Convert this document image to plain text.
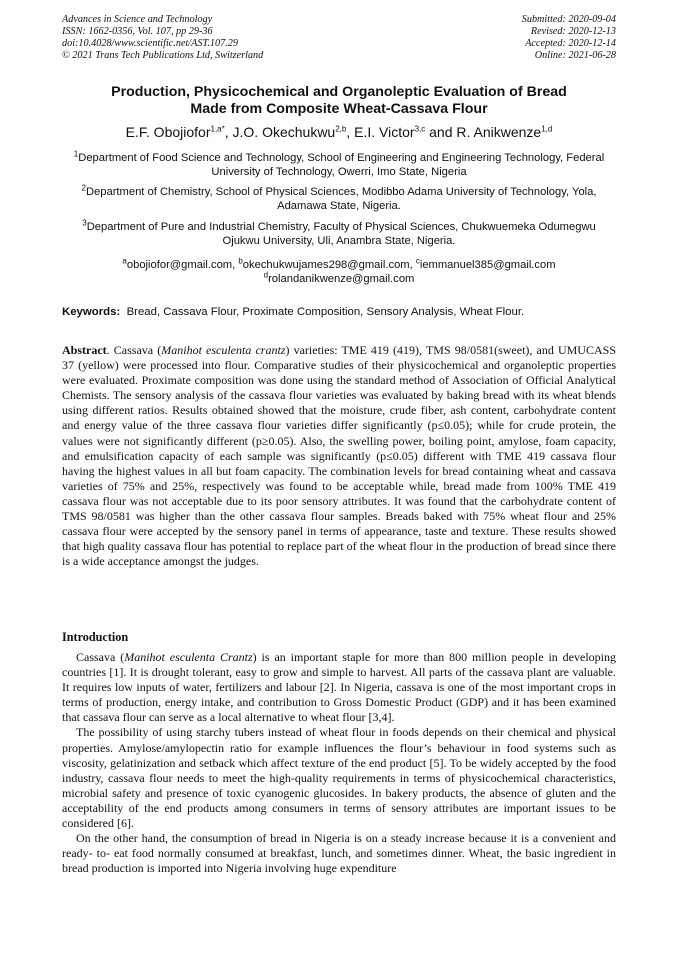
Advances in Science and Technology
ISSN: 1662-0356, Vol. 107, pp 29-36
doi:10.4028/www.scientific.net/AST.107.29
© 2021 Trans Tech Publications Ltd, Switzerland
Submitted: 2020-09-04
Revised: 2020-12-13
Accepted: 2020-12-14
Online: 2021-06-28
Production, Physicochemical and Organoleptic Evaluation of Bread
Made from Composite Wheat-Cassava Flour
E.F. Obojiofor$^{1,a*}$, J.O. Okechukwu$^{2,b}$, E.I. Victor$^{3,c}$ and R. Anikwenze$^{1,d}$
$^1$Department of Food Science and Technology, School of Engineering and Engineering Technology, Federal University of Technology, Owerri, Imo State, Nigeria
$^2$Department of Chemistry, School of Physical Sciences, Modibbo Adama University of Technology, Yola, Adamawa State, Nigeria.
$^3$Department of Pure and Industrial Chemistry, Faculty of Physical Sciences, Chukwuemeka Odumegwu Ojukwu University, Uli, Anambra State, Nigeria.
$^a$obojiofor@gmail.com, $^b$okechukwujames298@gmail.com, $^c$iemmanuel385@gmail.com
$^d$rolandanikwenze@gmail.com
Keywords: Bread, Cassava Flour, Proximate Composition, Sensory Analysis, Wheat Flour.
Abstract. Cassava (Manihot esculenta crantz) varieties: TME 419 (419), TMS 98/0581(sweet), and UMUCASS 37 (yellow) were processed into flour. Comparative studies of their physicochemical and organoleptic properties were evaluated. Proximate composition was done using the standard method of Association of Official Analytical Chemists. The sensory analysis of the cassava flour varieties was evaluated by baking bread with its wheat blends using different ratios. Results obtained showed that the moisture, crude fiber, ash content, carbohydrate content and energy value of the three cassava flour varieties differ significantly (p≤0.05); while for crude protein, the values were not significantly different (p≥0.05). Also, the swelling power, boiling point, amylose, foam capacity, and emulsification capacity of each sample was significantly (p≤0.05) different with TME 419 cassava flour having the highest values in all but foam capacity. The combination levels for bread containing wheat and cassava varieties of 75% and 25%, respectively was found to be acceptable while, bread made from 100% TME 419 cassava flour was not acceptable due to its poor sensory attributes. It was found that the carbohydrate content of TMS 98/0581 was higher than the other cassava flour samples. Breads baked with 75% wheat flour and 25% cassava flour were accepted by the sensory panel in terms of appearance, taste and texture. These results showed that high quality cassava flour has potential to replace part of the wheat flour in the production of bread since there is a wide acceptance amongst the judges.
Introduction

Cassava (Manihot esculenta Crantz) is an important staple for more than 800 million people in developing countries [1]. It is drought tolerant, easy to grow and simple to harvest. All parts of the cassava plant are valuable. It requires low inputs of water, fertilizers and labour [2]. In Nigeria, cassava is one of the most important crops in terms of production, energy intake, and contribution to Gross Domestic Product (GDP) and it has been examined that cassava flour can serve as a local alternative to wheat flour [3,4].

The possibility of using starchy tubers instead of wheat flour in foods depends on their chemical and physical properties. Amylose/amylopectin ratio for example influences the flour’s behaviour in food systems such as viscosity, gelatinization and setback which affect texture of the end product [5]. To be widely accepted by the food industry, cassava flour needs to meet the high-quality requirements in terms of physicochemical characteristics, microbial safety and presence of toxic cyanogenic glucosides. In bakery products, the absence of gluten and the acceptability of the end products among consumers in terms of sensory attributes are important issues to be considered [6].

On the other hand, the consumption of bread in Nigeria is on a steady increase because it is a convenient and ready- to- eat food normally consumed at breakfast, lunch, and sometimes dinner. Wheat, the basic ingredient in bread production is imported into Nigeria involving huge expenditure
